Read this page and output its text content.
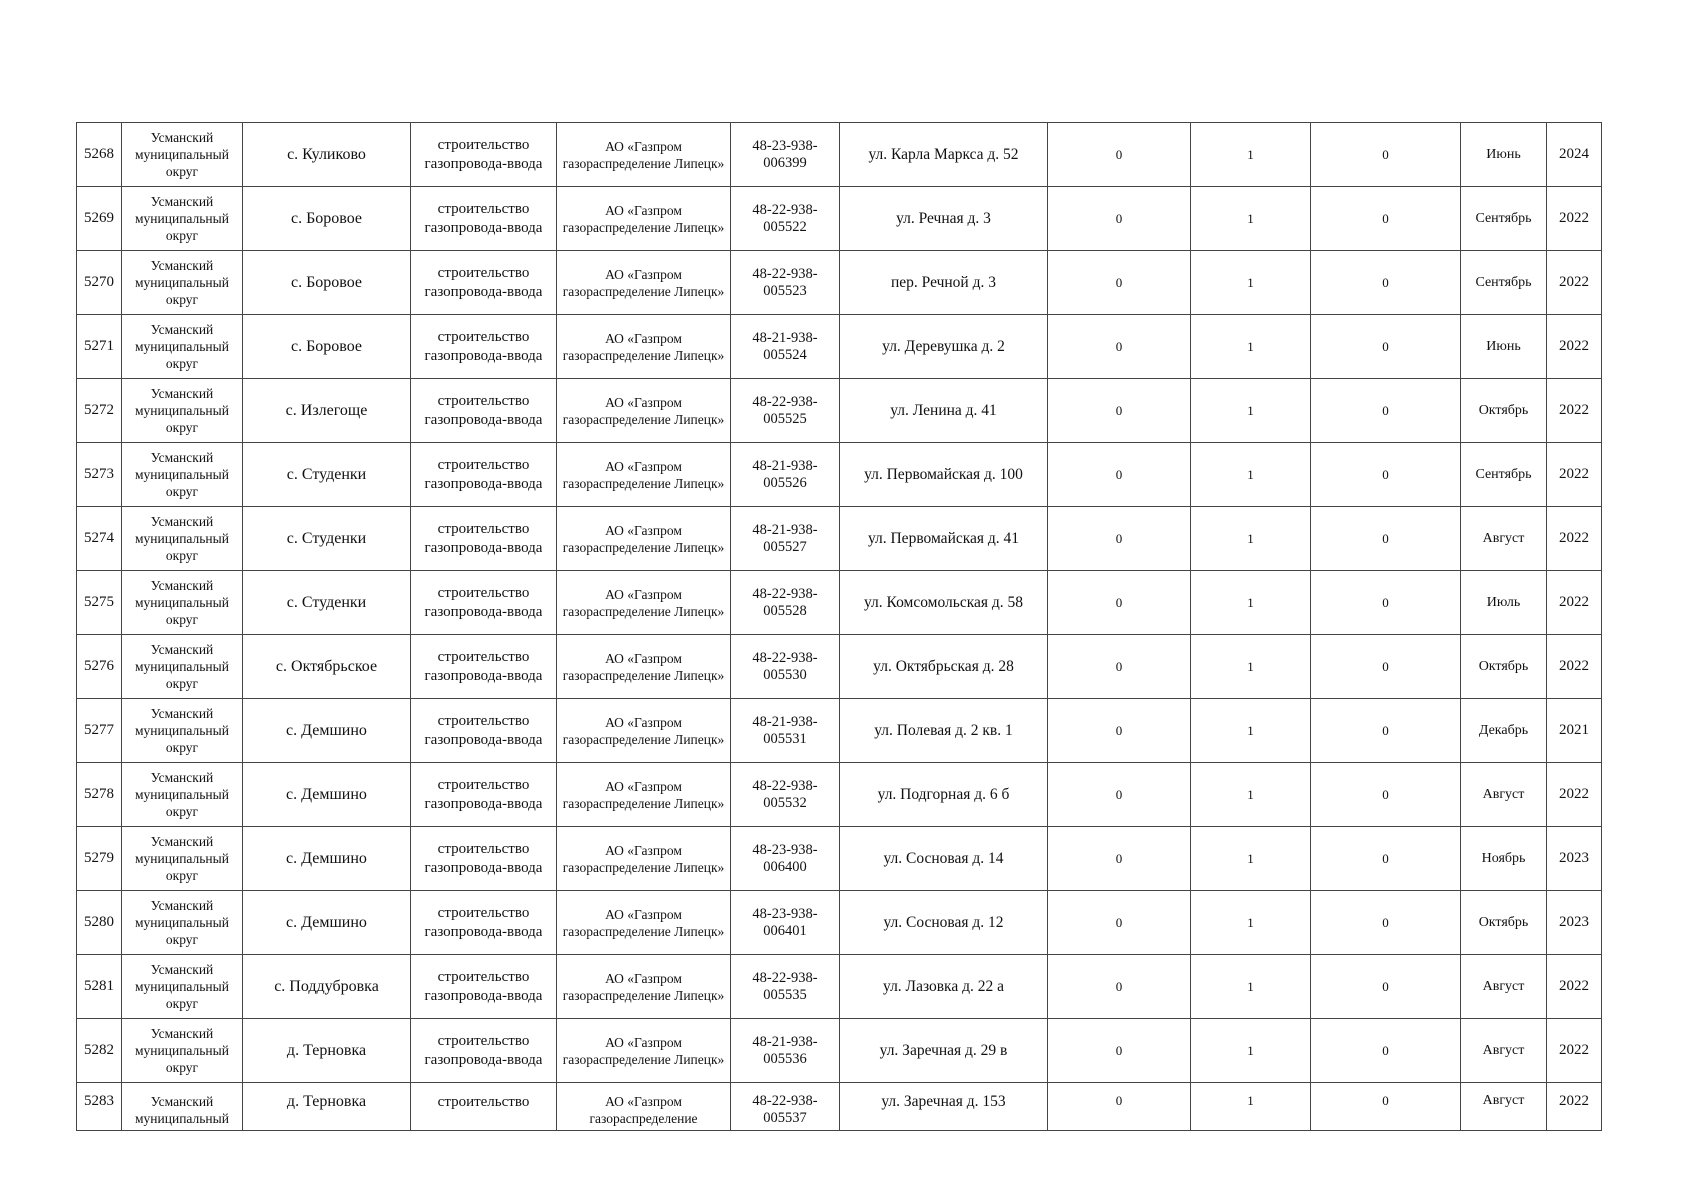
5268	Усманский муниципальный округ	с. Куликово	строительство газопровода-ввода	АО «Газпром газораспределение Липецк»	48-23-938-006399	ул. Карла Маркса д. 52	0	1	0	Июнь	2024
5269	Усманский муниципальный округ	с. Боровое	строительство газопровода-ввода	АО «Газпром газораспределение Липецк»	48-22-938-005522	ул. Речная д. 3	0	1	0	Сентябрь	2022
5270	Усманский муниципальный округ	с. Боровое	строительство газопровода-ввода	АО «Газпром газораспределение Липецк»	48-22-938-005523	пер. Речной д. 3	0	1	0	Сентябрь	2022
5271	Усманский муниципальный округ	с. Боровое	строительство газопровода-ввода	АО «Газпром газораспределение Липецк»	48-21-938-005524	ул. Деревушка д. 2	0	1	0	Июнь	2022
5272	Усманский муниципальный округ	с. Излегоще	строительство газопровода-ввода	АО «Газпром газораспределение Липецк»	48-22-938-005525	ул. Ленина д. 41	0	1	0	Октябрь	2022
5273	Усманский муниципальный округ	с. Студенки	строительство газопровода-ввода	АО «Газпром газораспределение Липецк»	48-21-938-005526	ул. Первомайская д. 100	0	1	0	Сентябрь	2022
5274	Усманский муниципальный округ	с. Студенки	строительство газопровода-ввода	АО «Газпром газораспределение Липецк»	48-21-938-005527	ул. Первомайская д. 41	0	1	0	Август	2022
5275	Усманский муниципальный округ	с. Студенки	строительство газопровода-ввода	АО «Газпром газораспределение Липецк»	48-22-938-005528	ул. Комсомольская д. 58	0	1	0	Июль	2022
5276	Усманский муниципальный округ	с. Октябрьское	строительство газопровода-ввода	АО «Газпром газораспределение Липецк»	48-22-938-005530	ул. Октябрьская д. 28	0	1	0	Октябрь	2022
5277	Усманский муниципальный округ	с. Демшино	строительство газопровода-ввода	АО «Газпром газораспределение Липецк»	48-21-938-005531	ул. Полевая д. 2 кв. 1	0	1	0	Декабрь	2021
5278	Усманский муниципальный округ	с. Демшино	строительство газопровода-ввода	АО «Газпром газораспределение Липецк»	48-22-938-005532	ул. Подгорная д. 6 б	0	1	0	Август	2022
5279	Усманский муниципальный округ	с. Демшино	строительство газопровода-ввода	АО «Газпром газораспределение Липецк»	48-23-938-006400	ул. Сосновая д. 14	0	1	0	Ноябрь	2023
5280	Усманский муниципальный округ	с. Демшино	строительство газопровода-ввода	АО «Газпром газораспределение Липецк»	48-23-938-006401	ул. Сосновая д. 12	0	1	0	Октябрь	2023
5281	Усманский муниципальный округ	с. Поддубровка	строительство газопровода-ввода	АО «Газпром газораспределение Липецк»	48-22-938-005535	ул. Лазовка д. 22 а	0	1	0	Август	2022
5282	Усманский муниципальный округ	д. Терновка	строительство газопровода-ввода	АО «Газпром газораспределение Липецк»	48-21-938-005536	ул. Заречная д. 29 в	0	1	0	Август	2022
5283	Усманский муниципальный	д. Терновка	строительство	АО «Газпром газораспределение	48-22-938-005537	ул. Заречная д. 153	0	1	0	Август	2022
